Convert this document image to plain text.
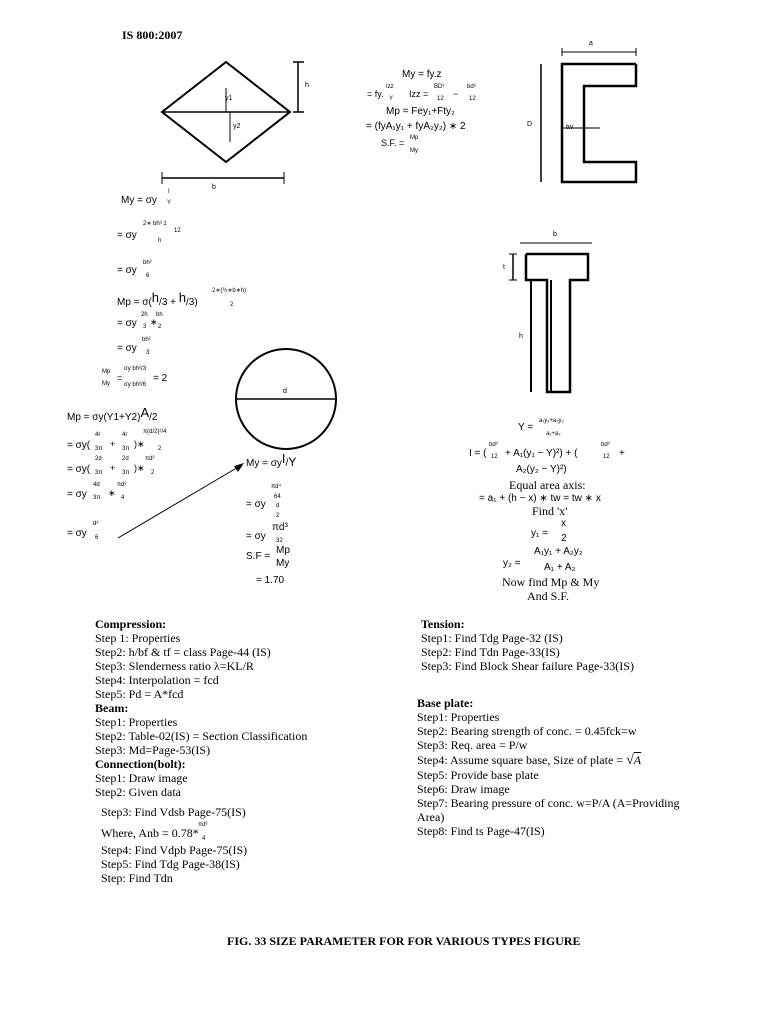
y1
y2
h
b
a
D	tw
b
t
h
d
IS 800:2007
My = fy.z
= fy.
Izz
Y Izz =
BD³
12 −
bd³
12
Mp = Fey₁+Fty₂
= (fyA₁y₁ + fyA₂y₂) ∗ 2
S.F. = Mp
My
My = σy
I
Y
= σy
2∗ bh³ 1
12
h
= σy
bh²
6
Mp = σ(h/3 + h/3)
2∗(½∗b∗h)
2
= σy
2h
3 ∗
bh
2
= σy
bh²
3
Mp
My
=
σy bh²/3
σy bh²/6
= 2
Mp = σy(Y1+Y2)A/2
= σy(
4r
3π +
4r
3π )∗
π(d/2)²/4
2
= σy(
2d
3π +
2d
3π )∗
πd²
2
= σy
4d
3π ∗
πd²
4
= σy
d³
6
My = σyI/Y
= σy
πd⁴
64
d
2
= σy
πd³
32
S.F =
Mp
My
= 1.70
Y =
a₁y₁+a₂y₂
a₁+a₂
I = (
bd³
12 + A₁(y₁ − Y)²) + (
bd³
12 +
A₂(y₂ − Y)²)
Equal area axis:
= a₁ + (h − x) ∗ tw = tw ∗ x
Find 'x'
y₁ =
x
2
y₂ =
A₁y₁ + A₂y₂
A₁ + A₂
Now find Mp & My
And S.F.
Compression:
Step 1: Properties
Step2: h/bf & tf = class Page-44 (IS)
Step3: Slenderness ratio λ=KL/R
Step4: Interpolation = fcd
Step5: Pd = A*fcd
Beam:
Step1: Properties
Step2: Table-02(IS) = Section Classification
Step3: Md=Page-53(IS)
Connection(bolt):
Step1: Draw image
Step2: Given data
Step3: Find Vdsb Page-75(IS)
Where, Anb = 0.78*
πd²
4
Step4: Find Vdpb Page-75(IS)
Step5: Find Tdg Page-38(IS)
Step: Find Tdn
Tension:
Step1: Find Tdg Page-32 (IS)
Step2: Find Tdn Page-33(IS)
Step3: Find Block Shear failure Page-33(IS)
Base plate:
Step1: Properties
Step2: Bearing strength of conc. = 0.45fck=w
Step3: Req. area = P/w
Step4: Assume square base, Size of plate = √A
Step5: Provide base plate
Step6: Draw image
Step7: Bearing pressure of conc. w=P/A (A=Providing
Area)
Step8: Find ts Page-47(IS)
FIG. 33 SIZE PARAMETER FOR FOR VARIOUS TYPES FIGURE
